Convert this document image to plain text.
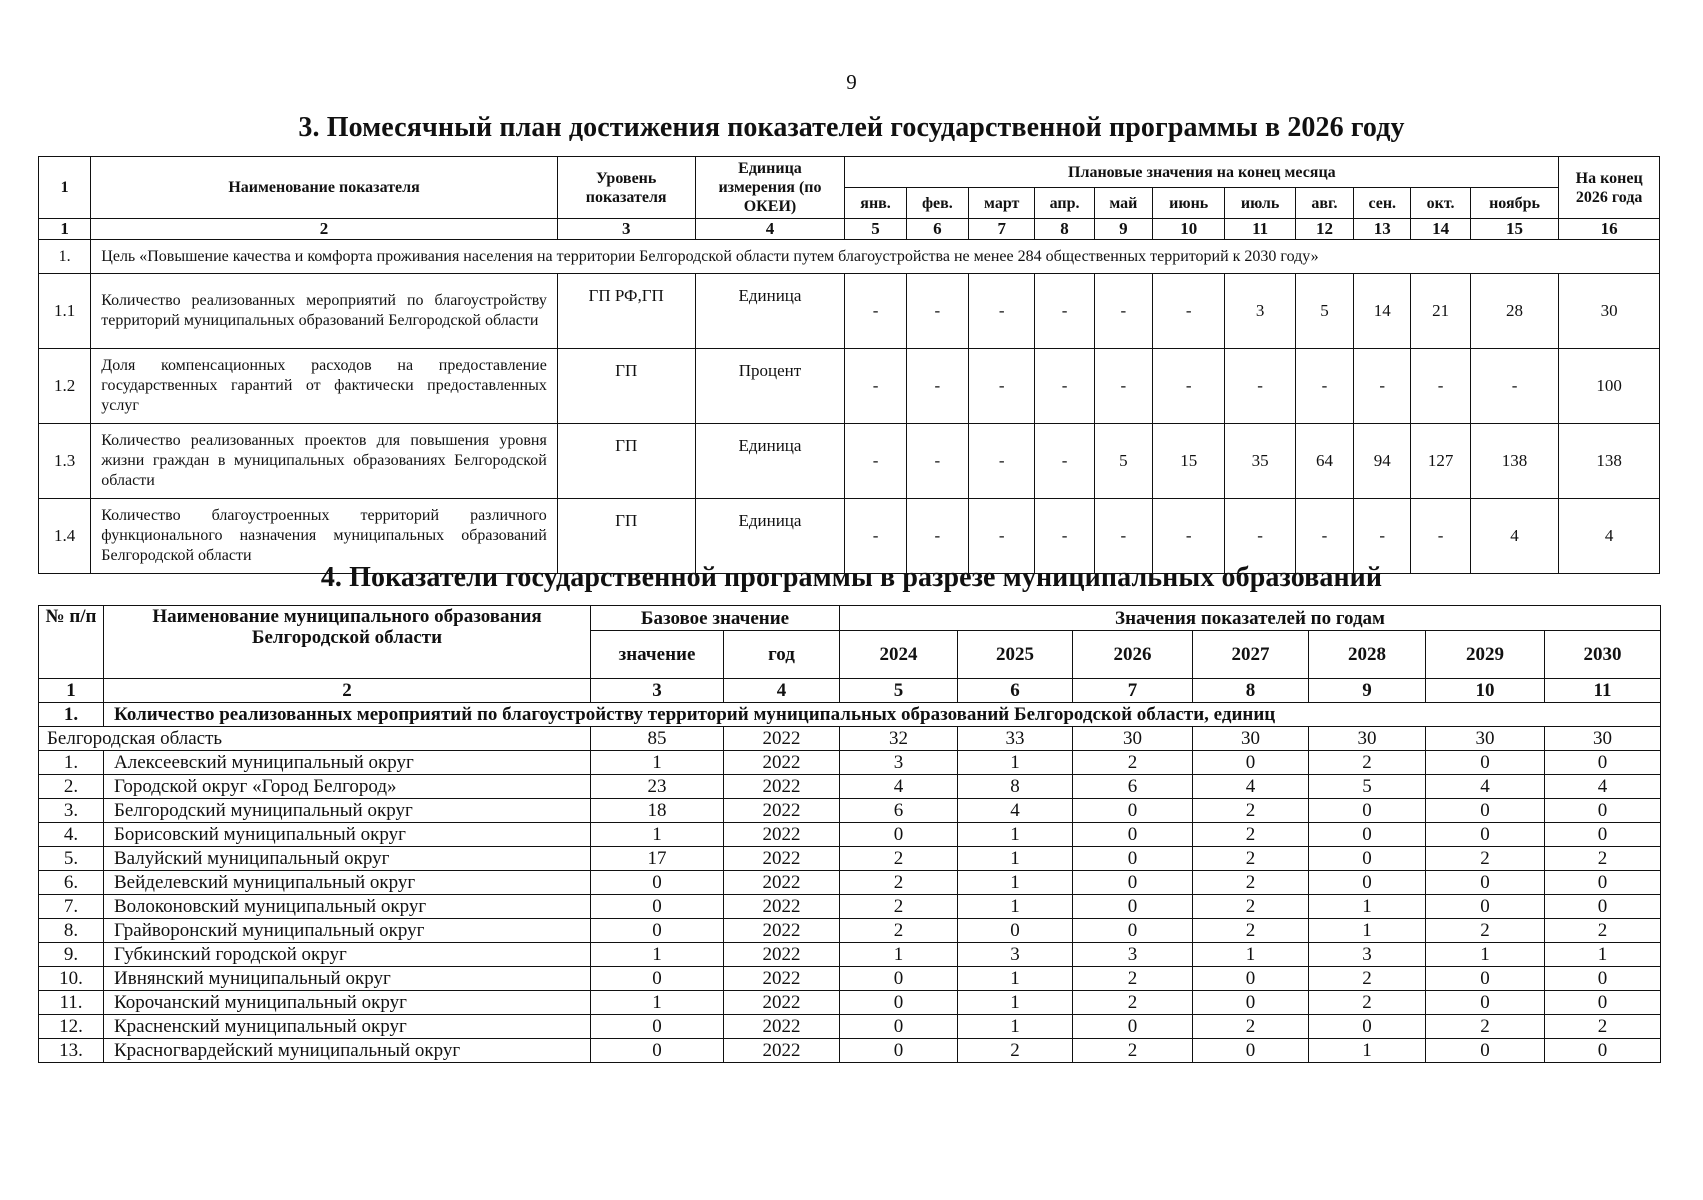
9
3. Помесячный план достижения показателей государственной программы в 2026 году
1	Наименование показателя	Уровень показателя	Единица измерения (по ОКЕИ)	Плановые значения на конец месяца											На конец 2026 года
				янв.	фев.	март	апр.	май	июнь	июль	авг.	сен.	окт.	ноябрь	
1	2	3	4	5	6	7	8	9	10	11	12	13	14	15	16
1.	Цель «Повышение качества и комфорта проживания населения на территории Белгородской области путем благоустройства не менее 284 общественных территорий к 2030 году»														
1.1	Количество реализованных мероприятий по благоустройству территорий муниципальных образований Белгородской области	ГП РФ,ГП	Единица	-	-	-	-	-	-	3	5	14	21	28	30
1.2	Доля компенсационных расходов на предоставление государственных гарантий от фактически предоставленных услуг	ГП	Процент	-	-	-	-	-	-	-	-	-	-	-	100
1.3	Количество реализованных проектов для повышения уровня жизни граждан в муниципальных образованиях Белгородской области	ГП	Единица	-	-	-	-	5	15	35	64	94	127	138	138
1.4	Количество благоустроенных территорий различного функционального назначения муниципальных образований Белгородской области	ГП	Единица	-	-	-	-	-	-	-	-	-	-	4	4
4. Показатели государственной программы в разрезе муниципальных образований
№ п/п	Наименование муниципального образования Белгородской области	Базовое значение		Значения показателей по годам						
		значение	год	2024	2025	2026	2027	2028	2029	2030
1	2	3	4	5	6	7	8	9	10	11
1.	Количество реализованных мероприятий по благоустройству территорий муниципальных образований Белгородской области, единиц									
Белгородская область		85	2022	32	33	30	30	30	30	30
1.	Алексеевский муниципальный округ	1	2022	3	1	2	0	2	0	0
2.	Городской округ «Город Белгород»	23	2022	4	8	6	4	5	4	4
3.	Белгородский муниципальный округ	18	2022	6	4	0	2	0	0	0
4.	Борисовский муниципальный округ	1	2022	0	1	0	2	0	0	0
5.	Валуйский муниципальный округ	17	2022	2	1	0	2	0	2	2
6.	Вейделевский муниципальный округ	0	2022	2	1	0	2	0	0	0
7.	Волоконовский муниципальный округ	0	2022	2	1	0	2	1	0	0
8.	Грайворонский муниципальный округ	0	2022	2	0	0	2	1	2	2
9.	Губкинский городской округ	1	2022	1	3	3	1	3	1	1
10.	Ивнянский муниципальный округ	0	2022	0	1	2	0	2	0	0
11.	Корочанский муниципальный округ	1	2022	0	1	2	0	2	0	0
12.	Красненский муниципальный округ	0	2022	0	1	0	2	0	2	2
13.	Красногвардейский муниципальный округ	0	2022	0	2	2	0	1	0	0
